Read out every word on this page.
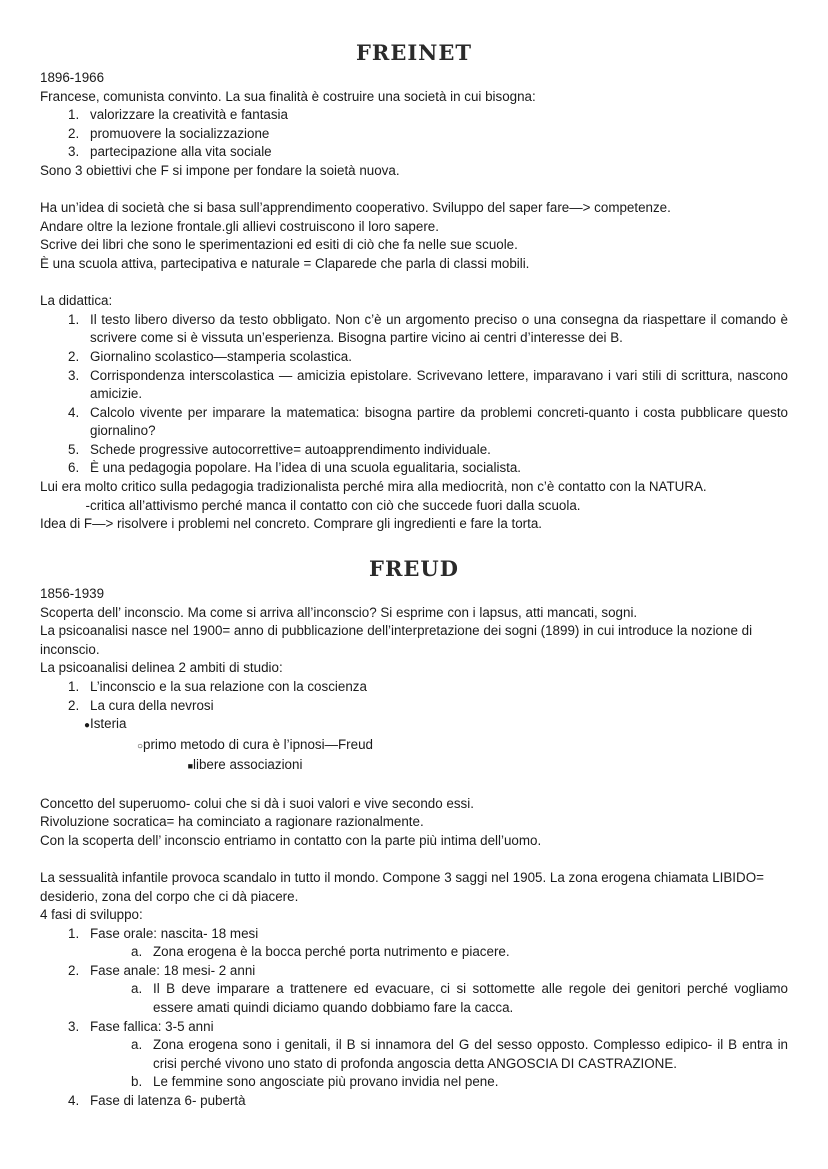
FREINET
1896-1966
Francese, comunista convinto. La sua finalità è costruire una società in cui bisogna:
1. valorizzare la creatività e fantasia
2. promuovere la socializzazione
3. partecipazione alla vita sociale
Sono 3 obiettivi che F si impone per fondare la soietà nuova.
Ha un’idea di società che si basa sull’apprendimento cooperativo. Sviluppo del saper fare—> competenze.
Andare oltre la lezione frontale.gli allievi costruiscono il loro sapere.
Scrive dei libri che sono le sperimentazioni ed esiti di ciò che fa nelle sue scuole.
È una scuola attiva, partecipativa e naturale = Claparede che parla di classi mobili.
La didattica:
1. Il testo libero diverso da testo obbligato. Non c’è un argomento preciso o una consegna da riaspettare il comando è scrivere come si è vissuta un’esperienza. Bisogna partire vicino ai centri d’interesse dei B.
2. Giornalino scolastico—stamperia scolastica.
3. Corrispondenza interscolastica — amicizia epistolare. Scrivevano lettere, imparavano i vari stili di scrittura, nascono amicizie.
4. Calcolo vivente per imparare la matematica: bisogna partire da problemi concreti-quanto i costa pubblicare questo giornalino?
5. Schede progressive autocorrettive= autoapprendimento individuale.
6. È una pedagogia popolare. Ha l’idea di una scuola egualitaria, socialista.
Lui era molto critico sulla pedagogia tradizionalista perché mira alla mediocrità, non c’è contatto con la NATURA.
- critica all’attivismo perché manca il contatto con ciò che succede fuori dalla scuola.
Idea di F—> risolvere i problemi nel concreto. Comprare gli ingredienti e fare la torta.
FREUD
1856-1939
Scoperta dell’ inconscio. Ma come si arriva all’inconscio? Si esprime con i lapsus, atti mancati, sogni.
La psicoanalisi nasce nel 1900= anno di pubblicazione dell’interpretazione dei sogni (1899) in cui introduce la nozione di
inconscio.
La psicoanalisi delinea 2 ambiti di studio:
1. L’inconscio e la sua relazione con la coscienza
2. La cura della nevrosi
● Isteria
○ primo metodo di cura è l’ipnosi—Freud
■ libere associazioni
Concetto del superuomo- colui che si dà i suoi valori e vive secondo essi.
Rivoluzione socratica= ha cominciato a ragionare razionalmente.
Con la scoperta dell’ inconscio entriamo in contatto con la parte più intima dell’uomo.
La sessualità infantile provoca scandalo in tutto il mondo. Compone 3 saggi nel 1905. La zona erogena chiamata LIBIDO=
desiderio, zona del corpo che ci dà piacere.
4 fasi di sviluppo:
1. Fase orale: nascita- 18 mesi
a. Zona erogena è la bocca perché porta nutrimento e piacere.
2. Fase anale: 18 mesi- 2 anni
a. Il B deve imparare a trattenere ed evacuare, ci si sottomette alle regole dei genitori perché vogliamo essere amati quindi diciamo quando dobbiamo fare la cacca.
3. Fase fallica: 3-5 anni
a. Zona erogena sono i genitali, il B si innamora del G del sesso opposto. Complesso edipico- il B entra in crisi perché vivono uno stato di profonda angoscia detta ANGOSCIA DI CASTRAZIONE.
b. Le femmine sono angosciate più provano invidia nel pene.
4. Fase di latenza 6- pubertà
